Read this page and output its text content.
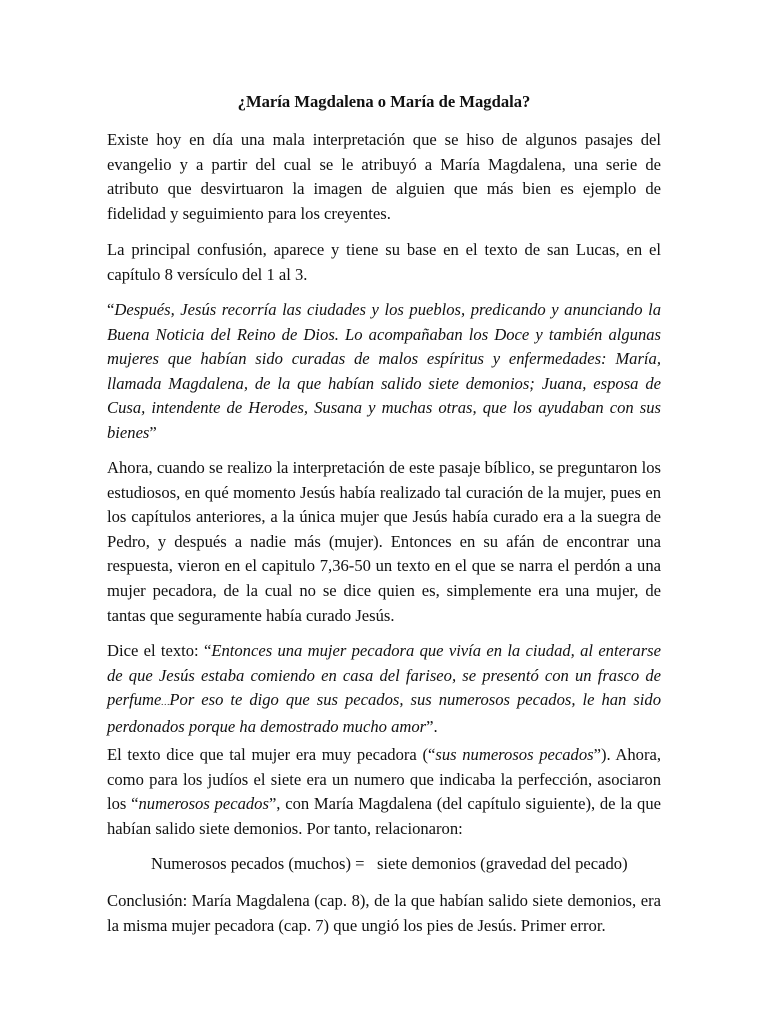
¿María Magdalena o María de Magdala?

Existe hoy en día una mala interpretación que se hiso de algunos pasajes del evangelio y a partir del cual se le atribuyó a María Magdalena, una serie de atributo que desvirtuaron la imagen de alguien que más bien es ejemplo de fidelidad y seguimiento para los creyentes.

La principal confusión, aparece y tiene su base en el texto de san Lucas, en el capítulo 8 versículo del 1 al 3.

“Después, Jesús recorría las ciudades y los pueblos, predicando y anunciando la Buena Noticia del Reino de Dios. Lo acompañaban los Doce y también algunas mujeres que habían sido curadas de malos espíritus y enfermedades: María, llamada Magdalena, de la que habían salido siete demonios; Juana, esposa de Cusa, intendente de Herodes, Susana y muchas otras, que los ayudaban con sus bienes”

Ahora, cuando se realizo la interpretación de este pasaje bíblico, se preguntaron los estudiosos, en qué momento Jesús había realizado tal curación de la mujer, pues en los capítulos anteriores, a la única mujer que Jesús había curado era a la suegra de Pedro, y después a nadie más (mujer). Entonces en su afán de encontrar una respuesta, vieron en el capitulo 7,36-50 un texto en el que se narra el perdón a una mujer pecadora, de la cual no se dice quien es, simplemente era una mujer, de tantas que seguramente había curado Jesús.

Dice el texto: “Entonces una mujer pecadora que vivía en la ciudad, al enterarse de que Jesús estaba comiendo en casa del fariseo, se presentó con un frasco de perfume…Por eso te digo que sus pecados, sus numerosos pecados, le han sido perdonados porque ha demostrado mucho amor”.

El texto dice que tal mujer era muy pecadora (“sus numerosos pecados”). Ahora, como para los judíos el siete era un numero que indicaba la perfección, asociaron los “numerosos pecados”, con María Magdalena (del capítulo siguiente), de la que habían salido siete demonios. Por tanto, relacionaron:

Numerosos pecados (muchos) =   siete demonios (gravedad del pecado)

Conclusión: María Magdalena (cap. 8), de la que habían salido siete demonios, era la misma mujer pecadora (cap. 7) que ungió los pies de Jesús. Primer error.
